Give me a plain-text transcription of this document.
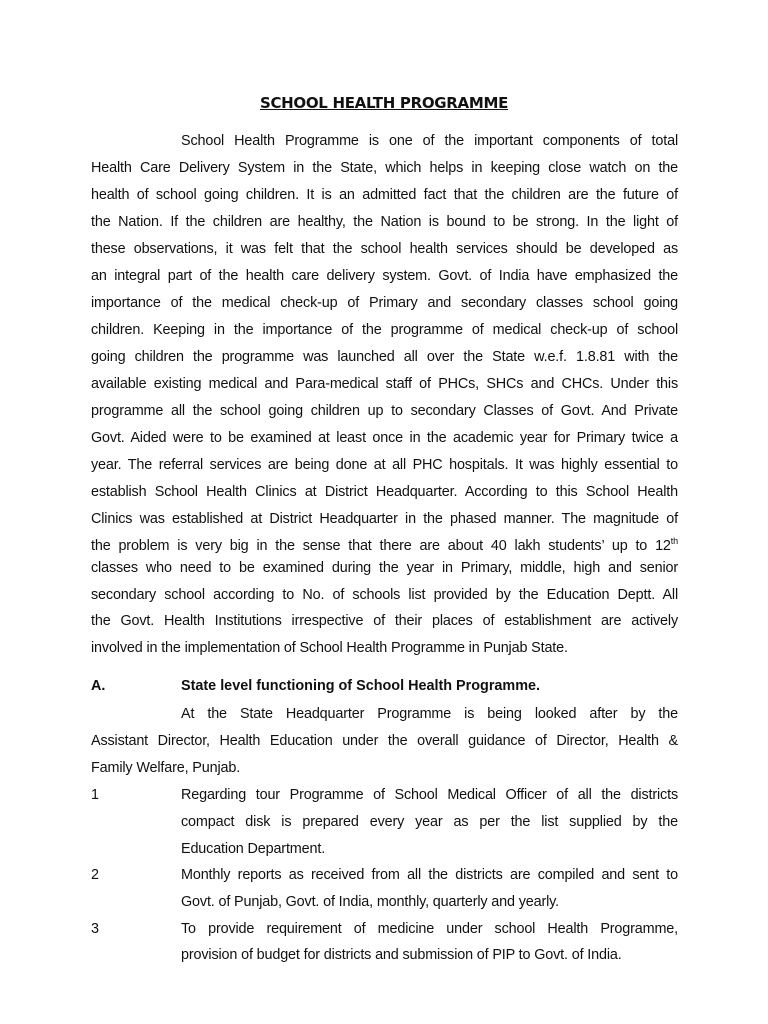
SCHOOL HEALTH PROGRAMME
School Health Programme is one of the important components of total
Health Care Delivery System in the State, which helps in keeping close watch on the
health of school going children. It is an admitted fact that the children are the future of
the Nation. If the children are healthy, the Nation is bound to be strong. In the light of
these observations, it was felt that the school health services should be developed as
an integral part of the health care delivery system. Govt. of India have emphasized the
importance of the medical check-up of Primary and secondary classes school going
children. Keeping in the importance of the programme of medical check-up of school
going children the programme was launched all over the State w.e.f. 1.8.81 with the
available existing medical and Para-medical staff of PHCs, SHCs and CHCs. Under this
programme all the school going children up to secondary Classes of Govt. And Private
Govt. Aided were to be examined at least once in the academic year for Primary twice a
year. The referral services are being done at all PHC hospitals. It was highly essential to
establish School Health Clinics at District Headquarter. According to this School Health
Clinics was established at District Headquarter in the phased manner. The magnitude of
the problem is very big in the sense that there are about 40 lakh students’ up to 12th
classes who need to be examined during the year in Primary, middle, high and senior
secondary school according to No. of schools list provided by the Education Deptt. All
the Govt. Health Institutions irrespective of their places of establishment are actively
involved in the implementation of School Health Programme in Punjab State.
A.	State level functioning of School Health Programme.
At the State Headquarter Programme is being looked after by the
Assistant Director, Health Education under the overall guidance of Director, Health &
Family Welfare, Punjab.
1	Regarding tour Programme of School Medical Officer of all the districts
compact disk is prepared every year as per the list supplied by the
Education Department.
2	Monthly reports as received from all the districts are compiled and sent to
Govt. of Punjab, Govt. of India, monthly, quarterly and yearly.
3	To provide requirement of medicine under school Health Programme,
provision of budget for districts and submission of PIP to Govt. of India.
